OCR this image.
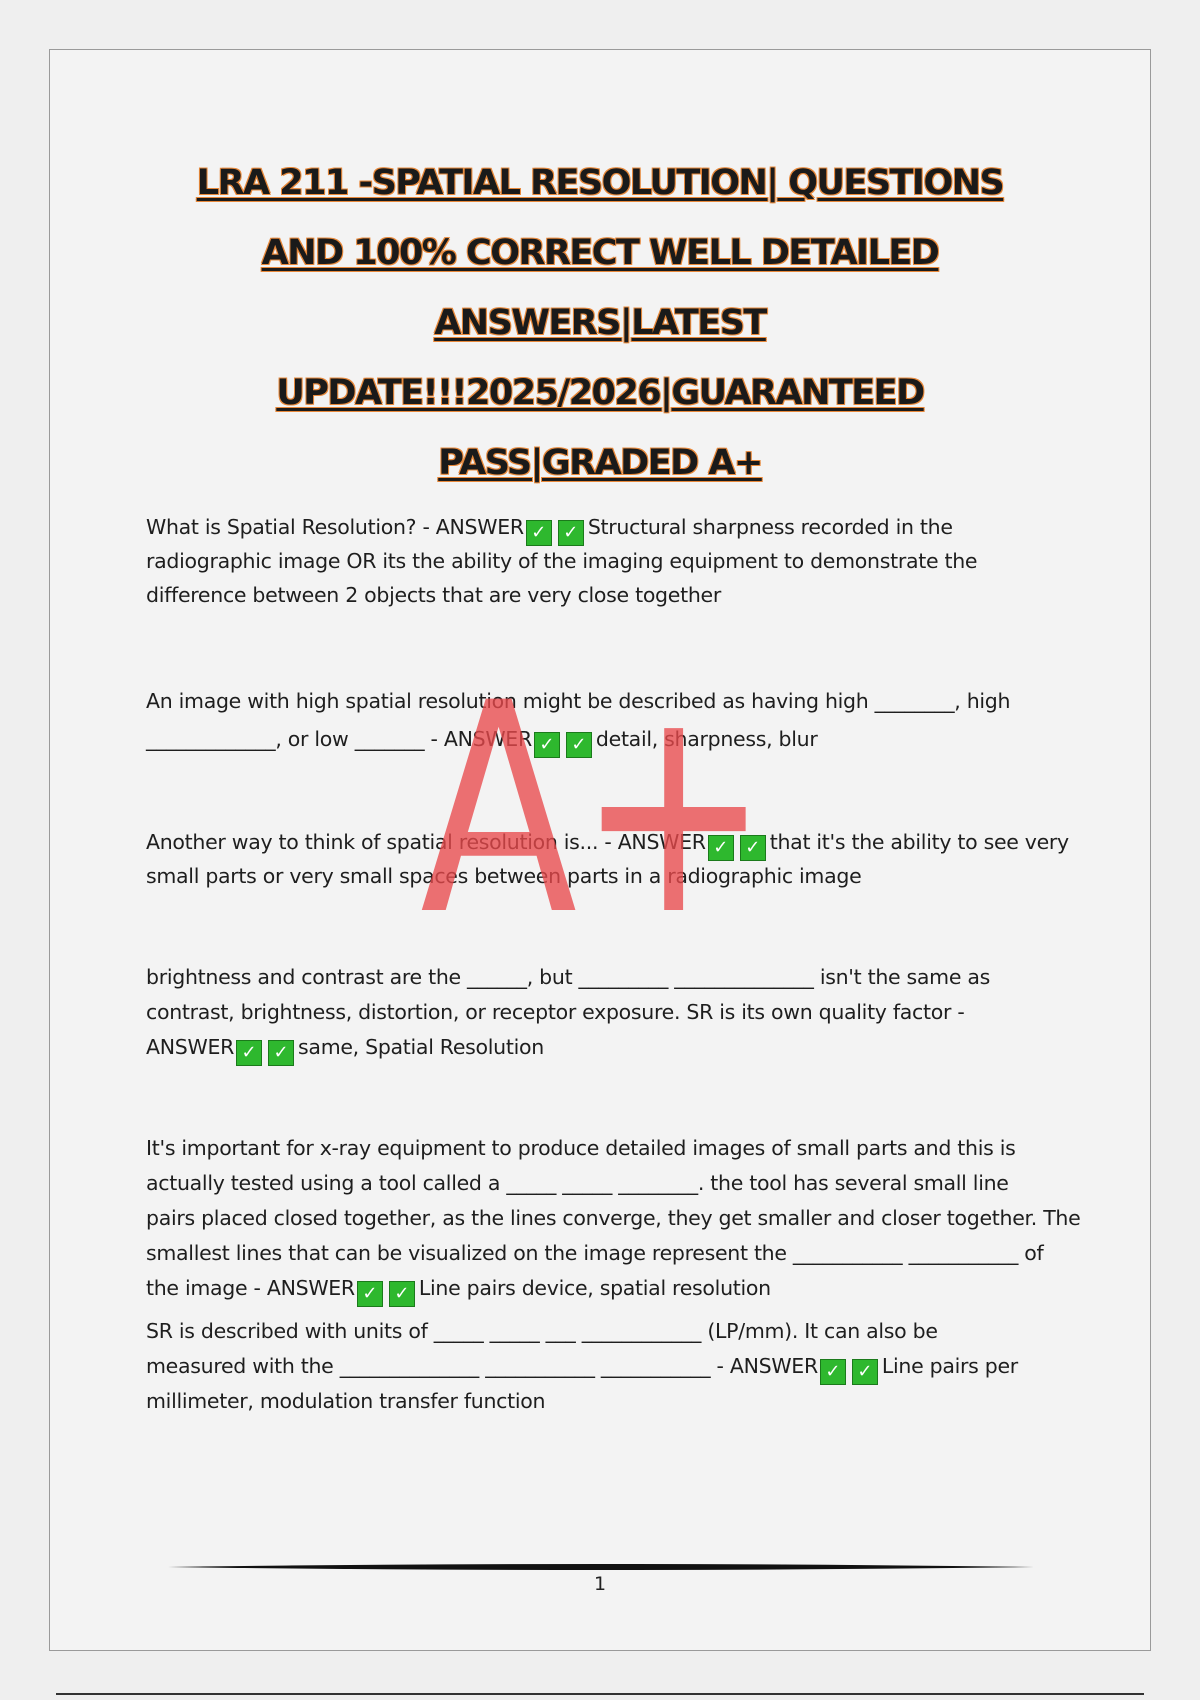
LRA 211 -SPATIAL RESOLUTION| QUESTIONS
AND 100% CORRECT WELL DETAILED
ANSWERS|LATEST
UPDATE!!!2025/2026|GUARANTEED
PASS|GRADED A+
What is Spatial Resolution? - ANSWER ✓ ✓ Structural sharpness recorded in the
radiographic image OR its the ability of the imaging equipment to demonstrate the
difference between 2 objects that are very close together
An image with high spatial resolution might be described as having high ________, high
_____________, or low _______ - ANSWER ✓ ✓ detail, sharpness, blur
Another way to think of spatial resolution is... - ANSWER ✓ ✓ that it's the ability to see very
small parts or very small spaces between parts in a radiographic image
brightness and contrast are the ______, but _________ ______________ isn't the same as
contrast, brightness, distortion, or receptor exposure. SR is its own quality factor -
ANSWER ✓ ✓ same, Spatial Resolution
It's important for x-ray equipment to produce detailed images of small parts and this is
actually tested using a tool called a _____ _____ ________. the tool has several small line
pairs placed closed together, as the lines converge, they get smaller and closer together. The
smallest lines that can be visualized on the image represent the ___________ ___________ of
the image - ANSWER ✓ ✓ Line pairs device, spatial resolution
SR is described with units of _____ _____ ___ ____________ (LP/mm). It can also be
measured with the ______________ ___________ ___________ - ANSWER ✓ ✓ Line pairs per
millimeter, modulation transfer function
A+
1
